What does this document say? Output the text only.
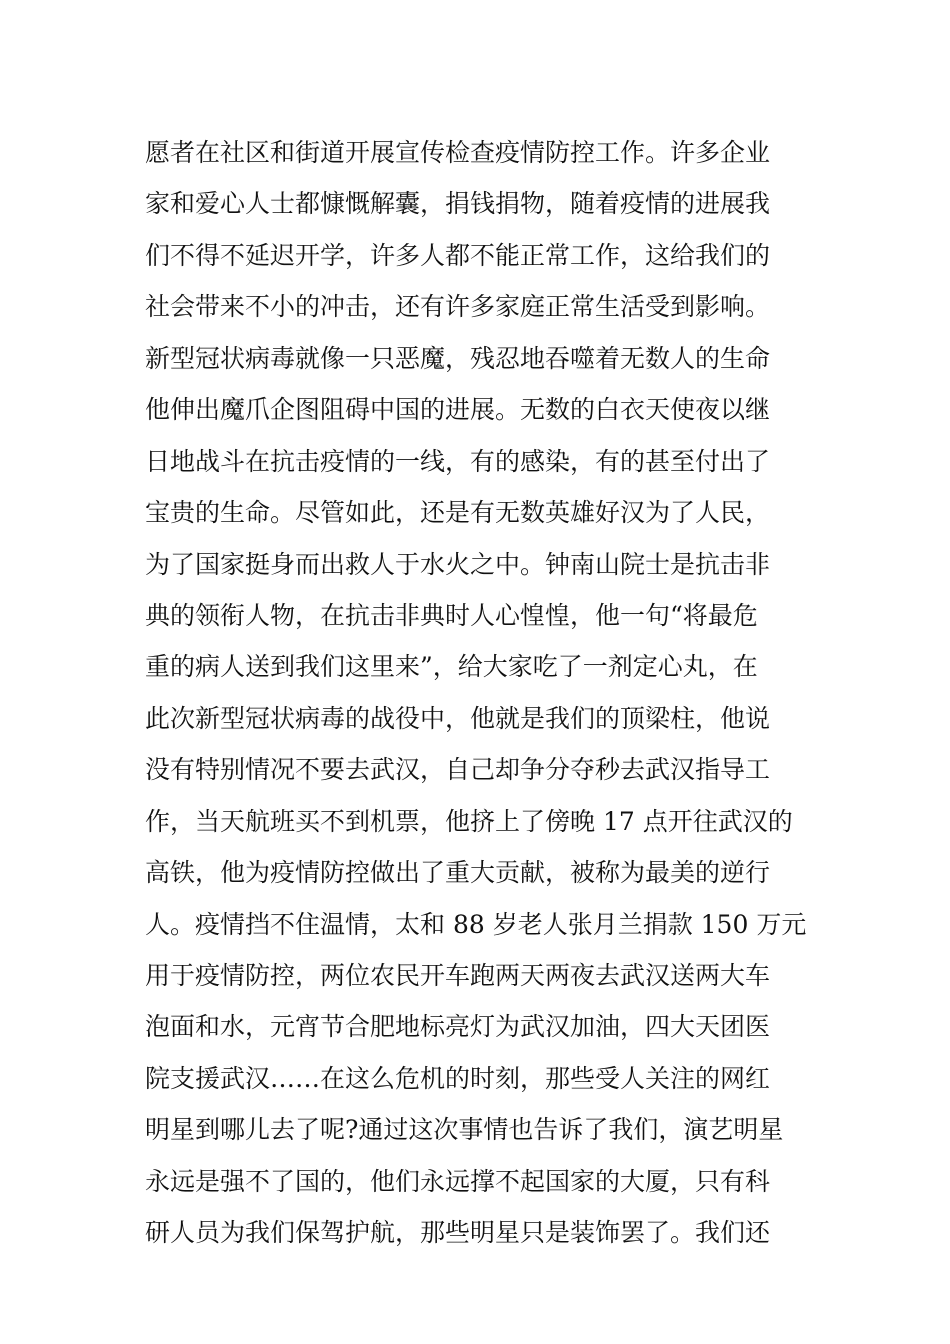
愿者在社区和街道开展宣传检查疫情防控工作。许多企业
家和爱心人士都慷慨解囊，捐钱捐物，随着疫情的进展我
们不得不延迟开学，许多人都不能正常工作，这给我们的
社会带来不小的冲击，还有许多家庭正常生活受到影响。
新型冠状病毒就像一只恶魔，残忍地吞噬着无数人的生命
他伸出魔爪企图阻碍中国的进展。无数的白衣天使夜以继
日地战斗在抗击疫情的一线，有的感染，有的甚至付出了
宝贵的生命。尽管如此，还是有无数英雄好汉为了人民，
为了国家挺身而出救人于水火之中。钟南山院士是抗击非
典的领衔人物，在抗击非典时人心惶惶，他一句“将最危
重的病人送到我们这里来”，给大家吃了一剂定心丸，在
此次新型冠状病毒的战役中，他就是我们的顶梁柱，他说
没有特别情况不要去武汉，自己却争分夺秒去武汉指导工
作，当天航班买不到机票，他挤上了傍晚 17 点开往武汉的
高铁，他为疫情防控做出了重大贡献，被称为最美的逆行
人。疫情挡不住温情，太和 88 岁老人张月兰捐款 150 万元
用于疫情防控，两位农民开车跑两天两夜去武汉送两大车
泡面和水，元宵节合肥地标亮灯为武汉加油，四大天团医
院支援武汉……在这么危机的时刻，那些受人关注的网红
明星到哪儿去了呢?通过这次事情也告诉了我们，演艺明星
永远是强不了国的，他们永远撑不起国家的大厦，只有科
研人员为我们保驾护航，那些明星只是装饰罢了。我们还
